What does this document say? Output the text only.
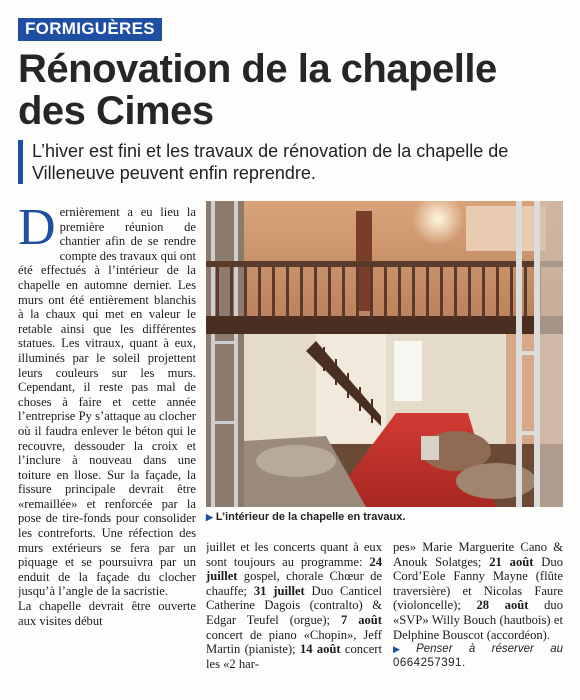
FORMIGUÈRES
Rénovation de la chapelle des Cimes
L’hiver est fini et les travaux de rénovation de la chapelle de Villeneuve peuvent enfin reprendre.

Dernièrement a eu lieu la première réunion de chantier afin de se rendre compte des travaux qui ont été effectués à l’intérieur de la chapelle en automne dernier. Les murs ont été entièrement blanchis à la chaux qui met en valeur le retable ainsi que les différentes statues. Les vitraux, quant à eux, illuminés par le soleil projettent leurs couleurs sur les murs. Cependant, il reste pas mal de choses à faire et cette année l’entreprise Py s’attaque au clocher où il faudra enlever le béton qui le recouvre, dessouder la croix et l’inclure à nouveau dans une toiture en llose. Sur la façade, la fissure principale devrait être «remaillée» et renforcée par la pose de tire-fonds pour consolider les contreforts. Une réfection des murs extérieurs se fera par un piquage et se poursuivra par un enduit de la façade du clocher jusqu’à l’angle de la sacristie.

La chapelle devrait être ouverte aux visites début

▶ L’intérieur de la chapelle en travaux.

juillet et les concerts quant à eux sont toujours au programme: 24 juillet gospel, chorale Chœur de chauffe; 31 juillet Duo Canticel Catherine Dagois (contralto) & Edgar Teufel (orgue); 7 août concert de piano «Chopin», Jeff Martin (pianiste); 14 août concert les «2 har-

pes» Marie Marguerite Cano & Anouk Solatges; 21 août Duo Cord’Eole Fanny Mayne (flûte traversière) et Nicolas Faure (violoncelle); 28 août duo «SVP» Willy Bouch (hautbois) et Delphine Bouscot (accordéon).

▶ Penser à réserver au 0664257391.
